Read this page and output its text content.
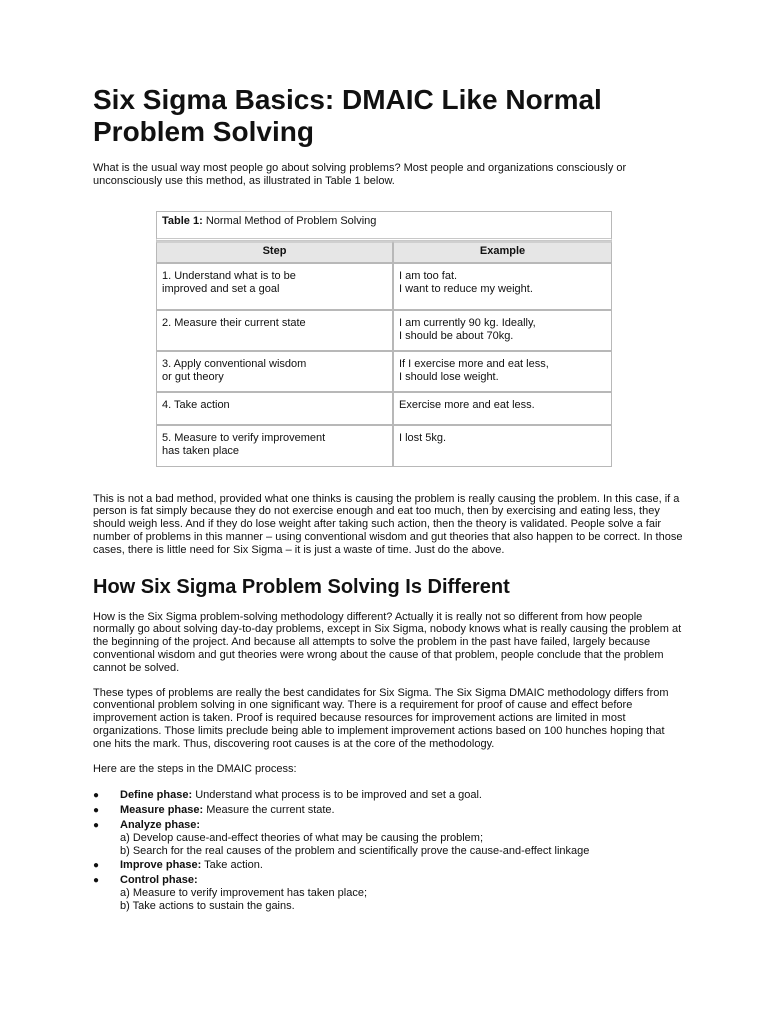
Six Sigma Basics: DMAIC Like Normal Problem Solving

What is the usual way most people go about solving problems? Most people and organizations consciously or unconsciously use this method, as illustrated in Table 1 below.

Table 1: Normal Method of Problem Solving	
Step	Example

1. Understand what is to be
improved and set a goal	I am too fat.
I want to reduce my weight.

2. Measure their current state	I am currently 90 kg. Ideally,
I should be about 70kg.

3. Apply conventional wisdom
or gut theory	If I exercise more and eat less,
I should lose weight.

4. Take action	Exercise more and eat less.

5. Measure to verify improvement
has taken place	I lost 5kg.

This is not a bad method, provided what one thinks is causing the problem is really causing the problem. In this case, if a person is fat simply because they do not exercise enough and eat too much, then by exercising and eating less, they should weigh less. And if they do lose weight after taking such action, then the theory is validated. People solve a fair number of problems in this manner – using conventional wisdom and gut theories that also happen to be correct. In those cases, there is little need for Six Sigma – it is just a waste of time. Just do the above.

How Six Sigma Problem Solving Is Different

How is the Six Sigma problem-solving methodology different? Actually it is really not so different from how people normally go about solving day-to-day problems, except in Six Sigma, nobody knows what is really causing the problem at the beginning of the project. And because all attempts to solve the problem in the past have failed, largely because conventional wisdom and gut theories were wrong about the cause of that problem, people conclude that the problem cannot be solved.

These types of problems are really the best candidates for Six Sigma. The Six Sigma DMAIC methodology differs from conventional problem solving in one significant way. There is a requirement for proof of cause and effect before improvement action is taken. Proof is required because resources for improvement actions are limited in most organizations. Those limits preclude being able to implement improvement actions based on 100 hunches hoping that one hits the mark. Thus, discovering root causes is at the core of the methodology.

Here are the steps in the DMAIC process:

● Define phase: Understand what process is to be improved and set a goal.
● Measure phase: Measure the current state.
● Analyze phase:
a) Develop cause-and-effect theories of what may be causing the problem;
b) Search for the real causes of the problem and scientifically prove the cause-and-effect linkage
● Improve phase: Take action.
● Control phase:
a) Measure to verify improvement has taken place;
b) Take actions to sustain the gains.
